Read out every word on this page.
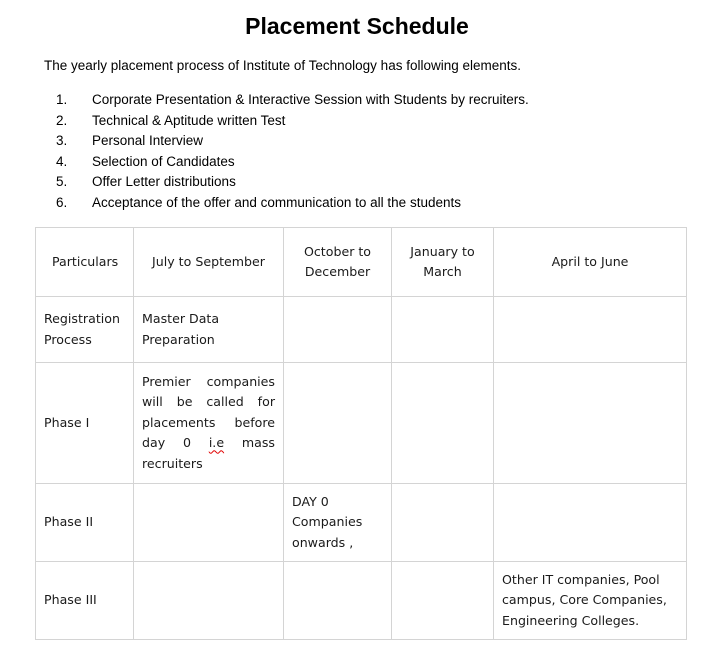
Placement Schedule
The yearly placement process of Institute of Technology has following elements.
1.	Corporate Presentation & Interactive Session with Students by recruiters.
2.	Technical & Aptitude written Test
3.	Personal Interview
4.	Selection of Candidates
5.	Offer Letter distributions
6.	Acceptance of the offer and communication to all the students
Particulars	July to September	October to December	January to March	April to June
Registration Process	Master Data Preparation			
Phase I	Premier companies will be called for placements before day 0 i.e mass recruiters			
Phase II		DAY 0 Companies onwards ,		
Phase III				Other IT companies, Pool campus, Core Companies, Engineering Colleges.
